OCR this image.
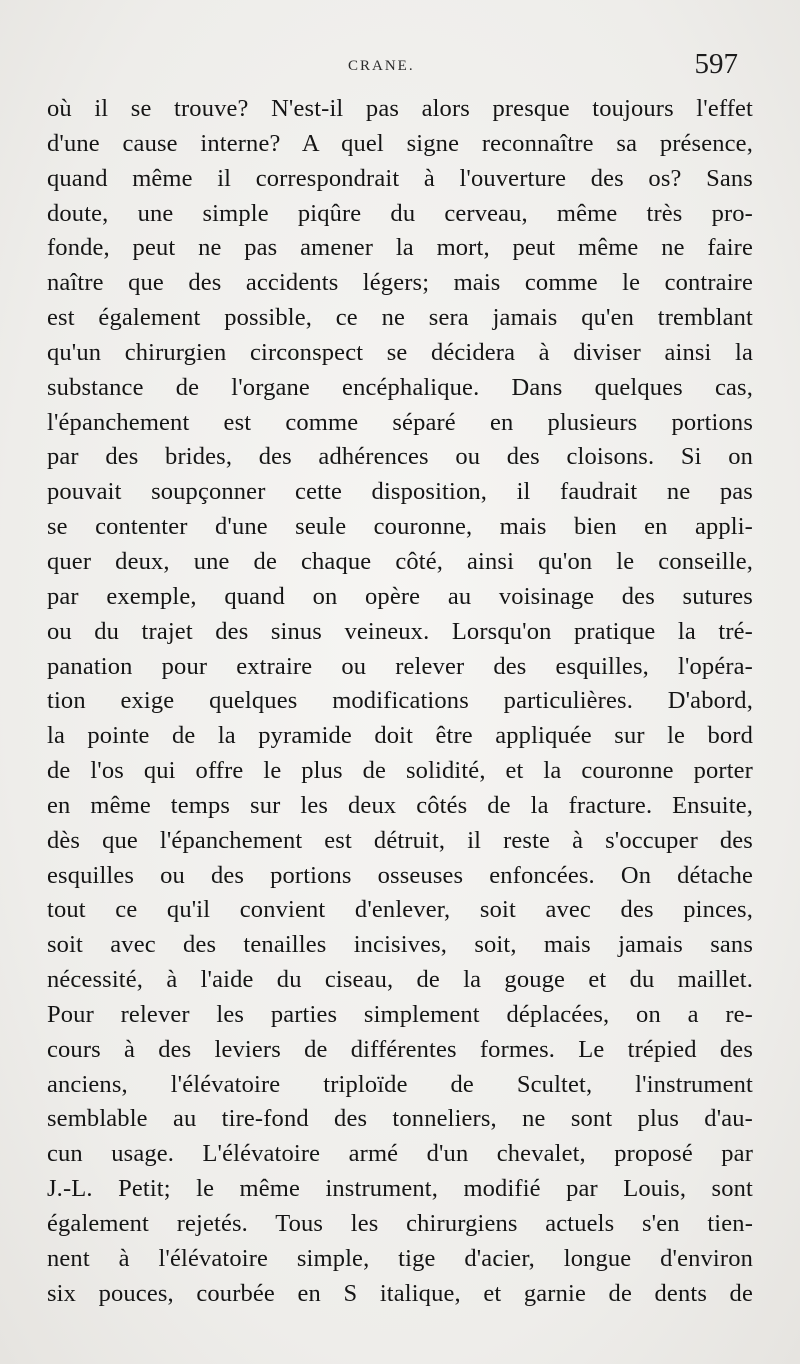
CRANE.	597
où il se trouve? N'est-il pas alors presque toujours l'effet
d'une cause interne? A quel signe reconnaître sa présence,
quand même il correspondrait à l'ouverture des os? Sans
doute, une simple piqûre du cerveau, même très pro-
fonde, peut ne pas amener la mort, peut même ne faire
naître que des accidents légers; mais comme le contraire
est également possible, ce ne sera jamais qu'en tremblant
qu'un chirurgien circonspect se décidera à diviser ainsi la
substance de l'organe encéphalique. Dans quelques cas,
l'épanchement est comme séparé en plusieurs portions
par des brides, des adhérences ou des cloisons. Si on
pouvait soupçonner cette disposition, il faudrait ne pas
se contenter d'une seule couronne, mais bien en appli-
quer deux, une de chaque côté, ainsi qu'on le conseille,
par exemple, quand on opère au voisinage des sutures
ou du trajet des sinus veineux. Lorsqu'on pratique la tré-
panation pour extraire ou relever des esquilles, l'opéra-
tion exige quelques modifications particulières. D'abord,
la pointe de la pyramide doit être appliquée sur le bord
de l'os qui offre le plus de solidité, et la couronne porter
en même temps sur les deux côtés de la fracture. Ensuite,
dès que l'épanchement est détruit, il reste à s'occuper des
esquilles ou des portions osseuses enfoncées. On détache
tout ce qu'il convient d'enlever, soit avec des pinces,
soit avec des tenailles incisives, soit, mais jamais sans
nécessité, à l'aide du ciseau, de la gouge et du maillet.
Pour relever les parties simplement déplacées, on a re-
cours à des leviers de différentes formes. Le trépied des
anciens, l'élévatoire triploïde de Scultet, l'instrument
semblable au tire-fond des tonneliers, ne sont plus d'au-
cun usage. L'élévatoire armé d'un chevalet, proposé par
J.-L. Petit; le même instrument, modifié par Louis, sont
également rejetés. Tous les chirurgiens actuels s'en tien-
nent à l'élévatoire simple, tige d'acier, longue d'environ
six pouces, courbée en S italique, et garnie de dents de
